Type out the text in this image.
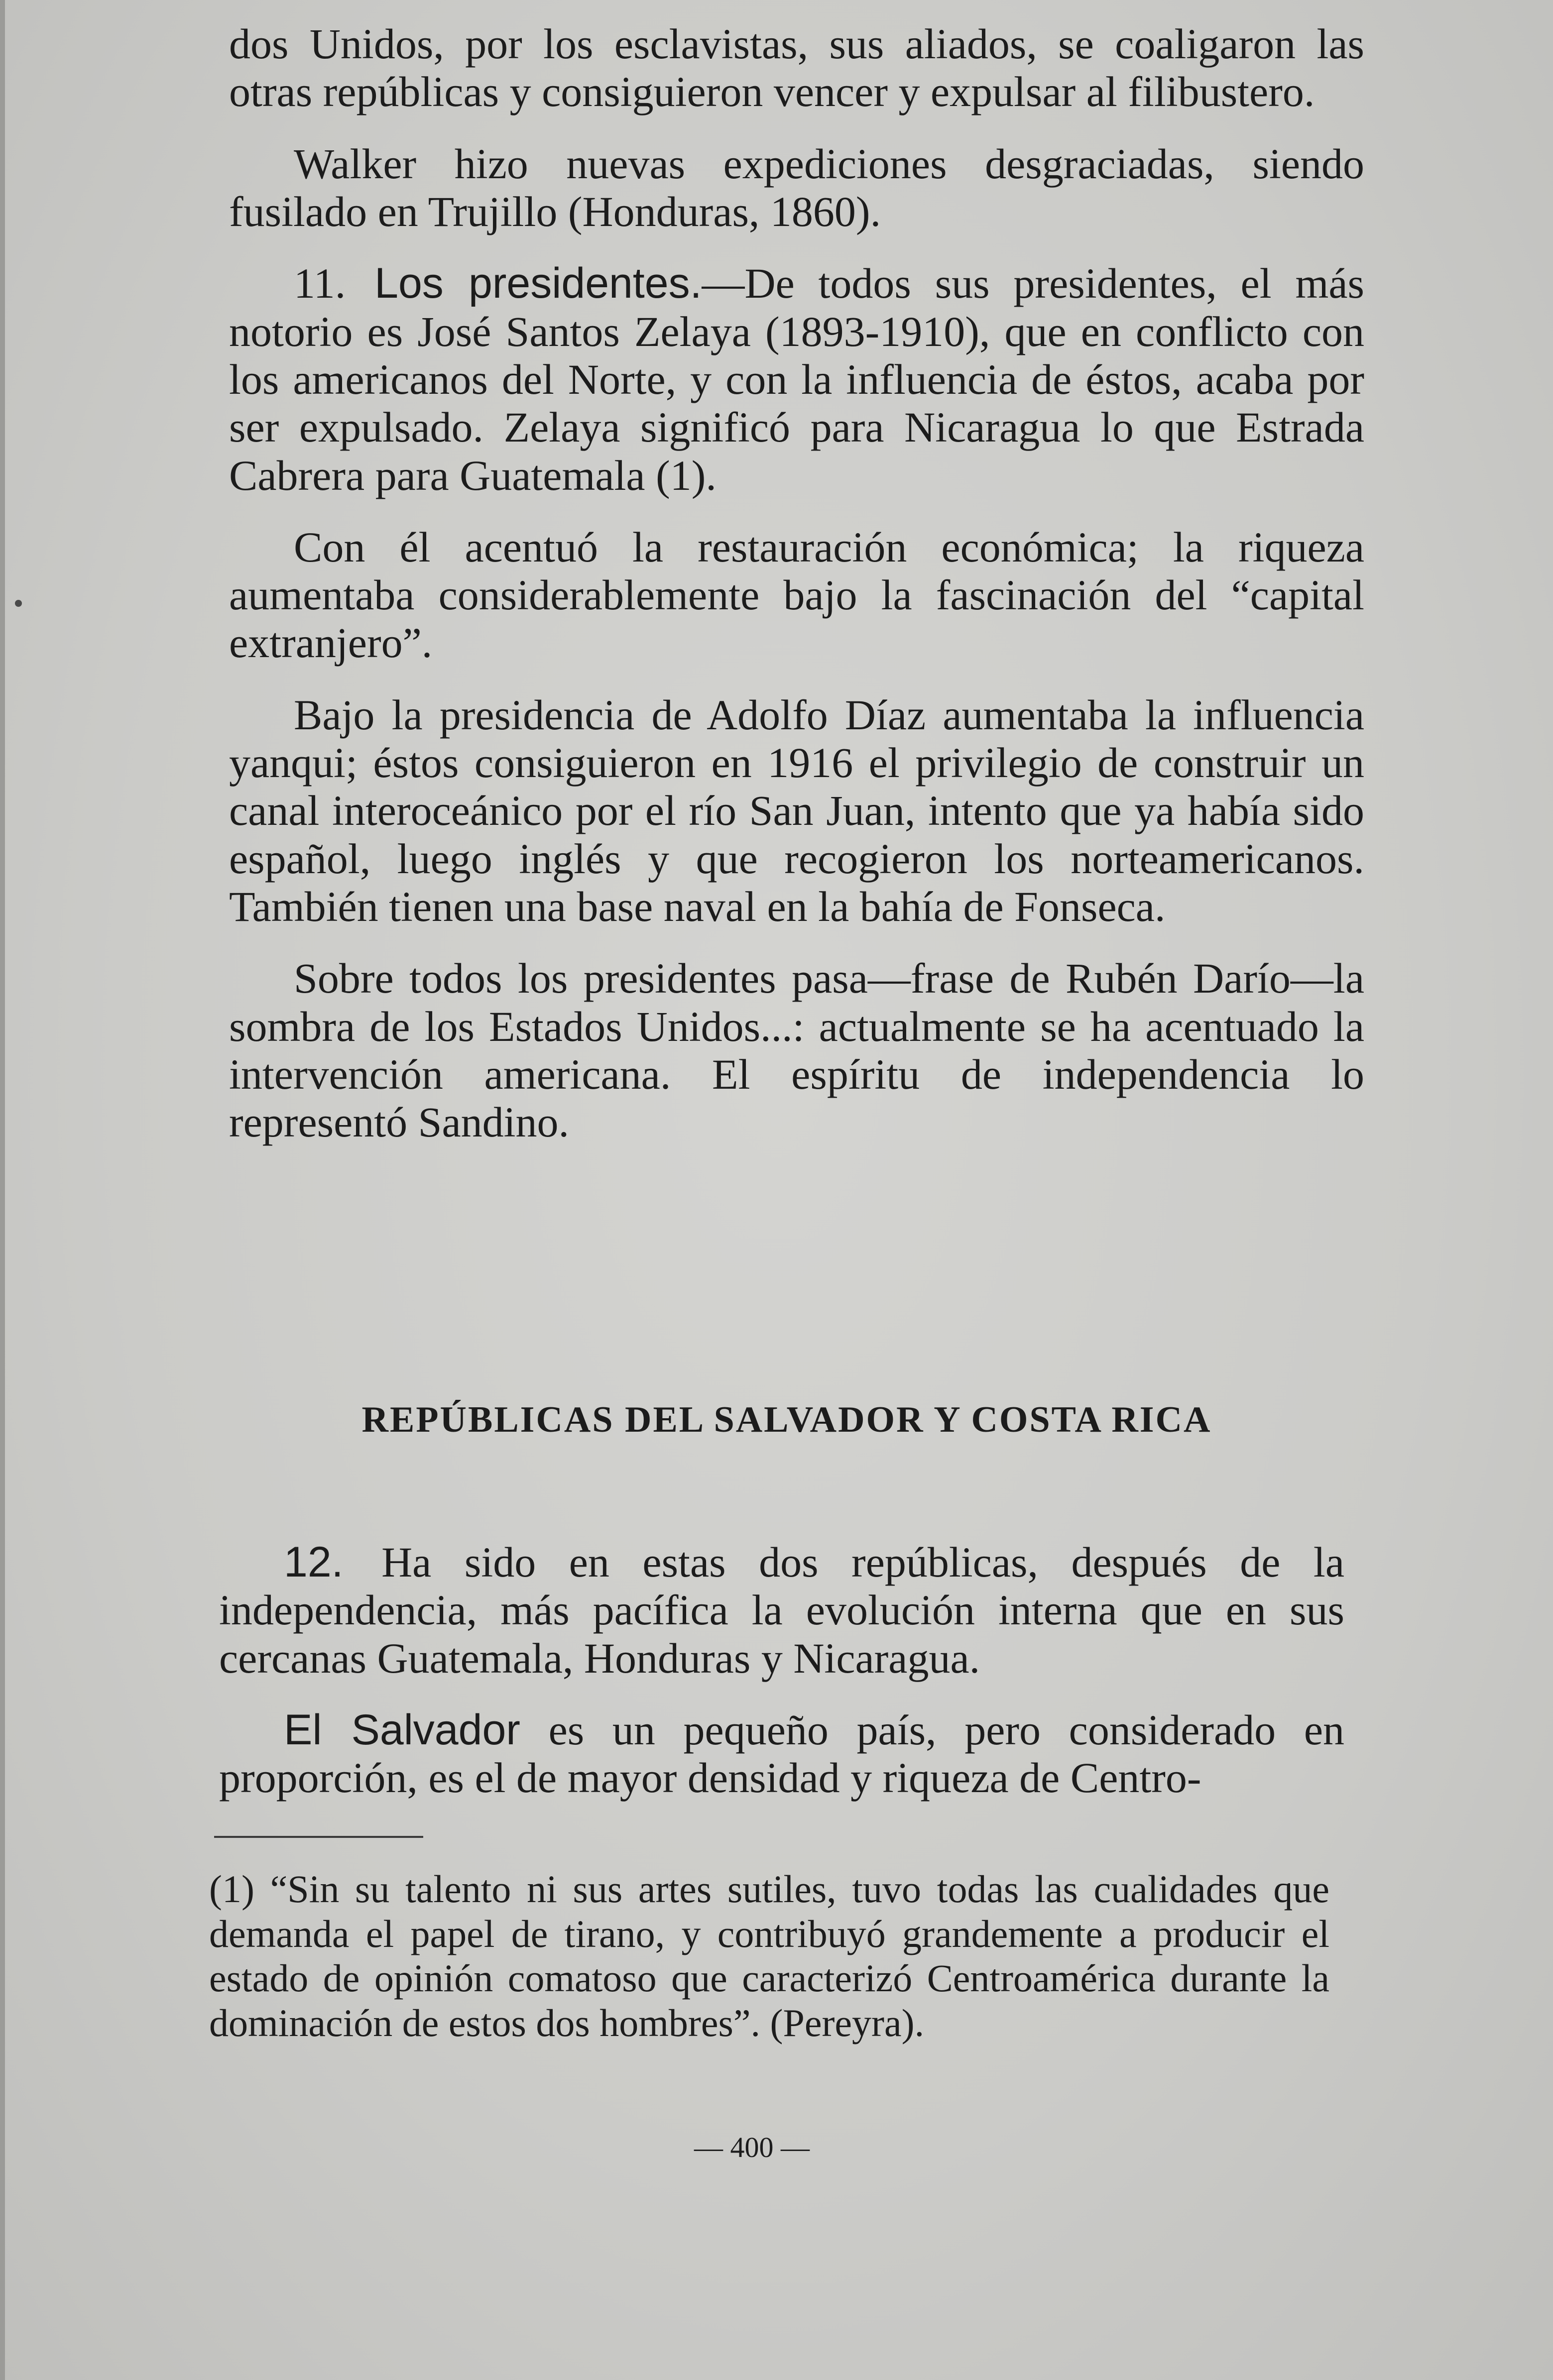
dos Unidos, por los esclavistas, sus aliados, se coaligaron las otras repúblicas y consiguieron vencer y expulsar al filibustero.

Walker hizo nuevas expediciones desgraciadas, siendo fusilado en Trujillo (Honduras, 1860).

11. Los presidentes.—De todos sus presidentes, el más notorio es José Santos Zelaya (1893-1910), que en conflicto con los americanos del Norte, y con la influencia de éstos, acaba por ser expulsado. Zelaya significó para Nicaragua lo que Estrada Cabrera para Guatemala (1).

Con él acentuó la restauración económica; la riqueza aumentaba considerablemente bajo la fascinación del “capital extranjero”.

Bajo la presidencia de Adolfo Díaz aumentaba la influencia yanqui; éstos consiguieron en 1916 el privilegio de construir un canal interoceánico por el río San Juan, intento que ya había sido español, luego inglés y que recogieron los norteamericanos. También tienen una base naval en la bahía de Fonseca.

Sobre todos los presidentes pasa—frase de Rubén Darío—la sombra de los Estados Unidos...: actualmente se ha acentuado la intervención americana. El espíritu de independencia lo representó Sandino.

REPÚBLICAS DEL SALVADOR Y COSTA RICA

12. Ha sido en estas dos repúblicas, después de la independencia, más pacífica la evolución interna que en sus cercanas Guatemala, Honduras y Nicaragua.

El Salvador es un pequeño país, pero considerado en proporción, es el de mayor densidad y riqueza de Centro-

(1) “Sin su talento ni sus artes sutiles, tuvo todas las cualidades que demanda el papel de tirano, y contribuyó grandemente a producir el estado de opinión comatoso que caracterizó Centroamérica durante la dominación de estos dos hombres”. (Pereyra).
— 400 —
